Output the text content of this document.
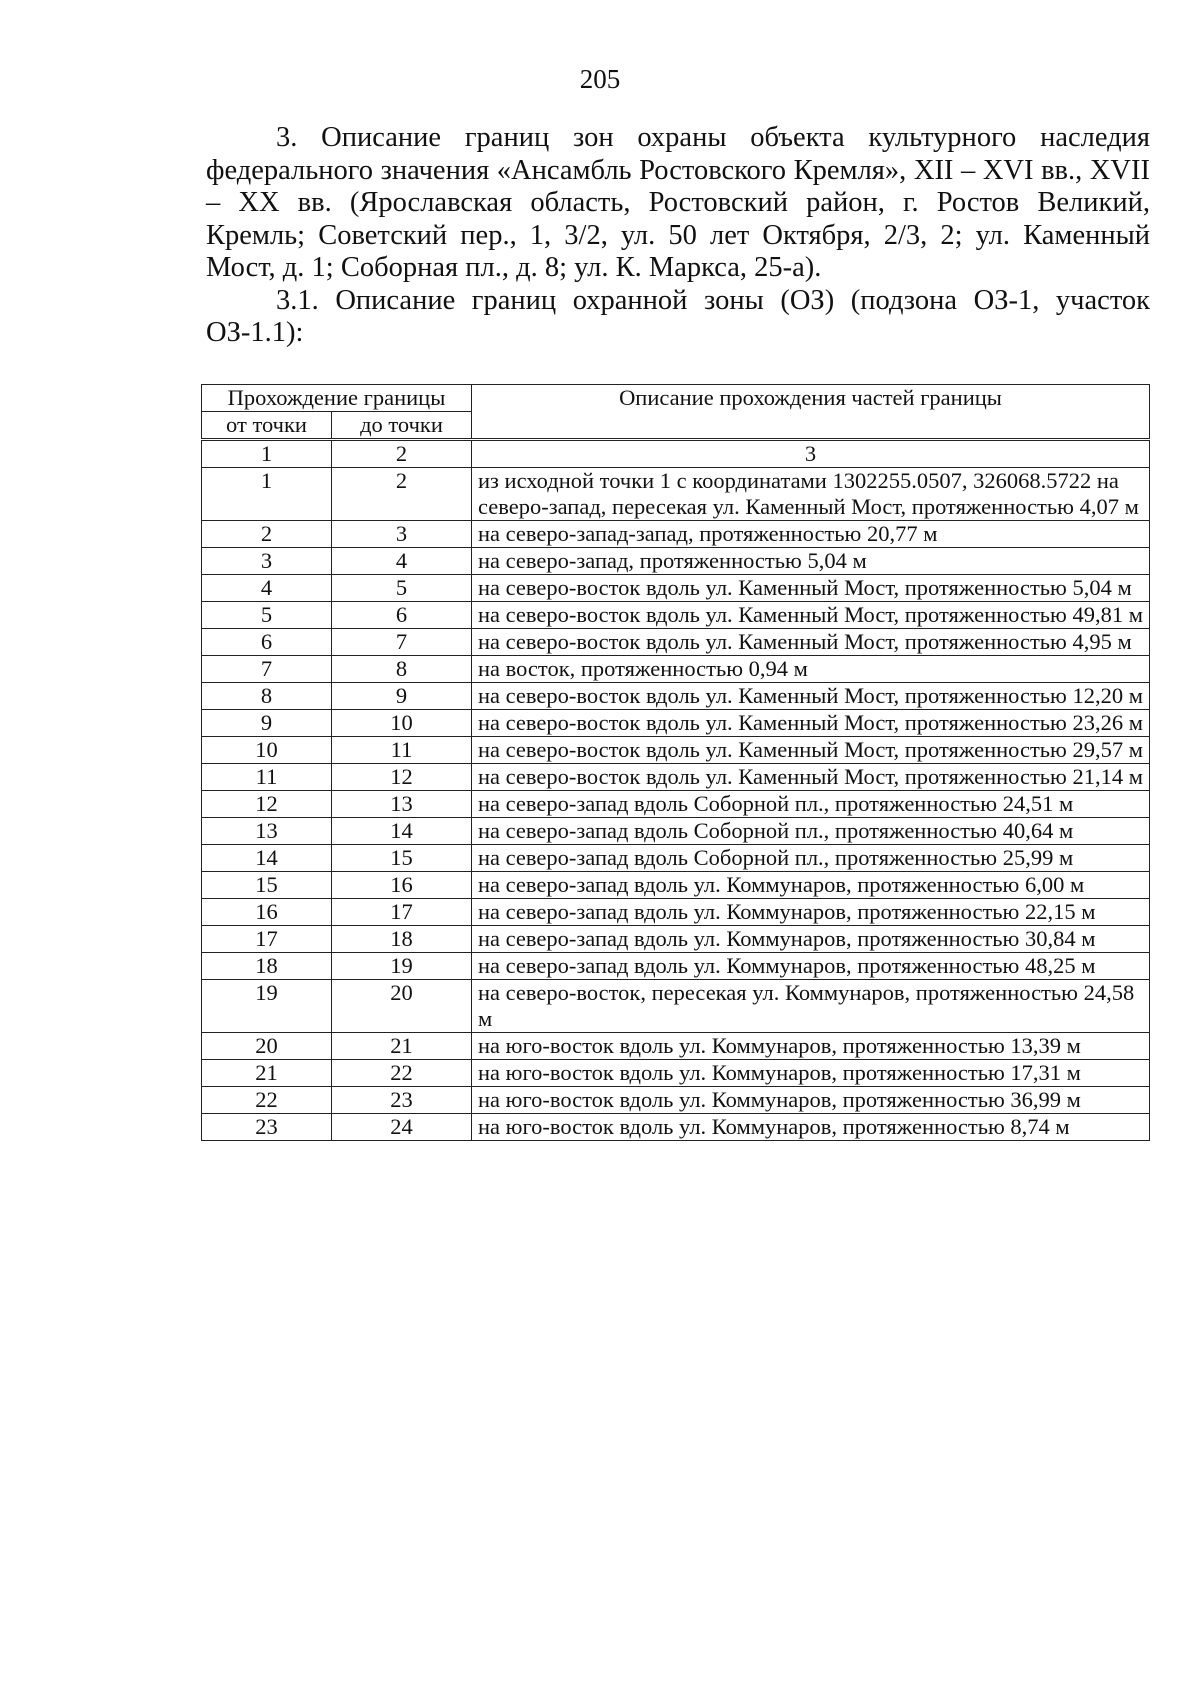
205

3. Описание границ зон охраны объекта культурного наследия федерального значения «Ансамбль Ростовского Кремля», XII – XVI вв., XVII – XX вв. (Ярославская область, Ростовский район, г. Ростов Великий, Кремль; Советский пер., 1, 3/2, ул. 50 лет Октября, 2/3, 2; ул. Каменный Мост, д. 1; Соборная пл., д. 8; ул. К. Маркса, 25-а).

3.1. Описание границ охранной зоны (ОЗ) (подзона ОЗ-1, участок ОЗ-1.1):

Прохождение границы		Описание прохождения частей границы
от точки	до точки	
1	2	3
1	2	из исходной точки 1 с координатами 1302255.0507, 326068.5722 на северо-запад, пересекая ул. Каменный Мост, протяженностью 4,07 м
2	3	на северо-запад-запад, протяженностью 20,77 м
3	4	на северо-запад, протяженностью 5,04 м
4	5	на северо-восток вдоль ул. Каменный Мост, протяженностью 5,04 м
5	6	на северо-восток вдоль ул. Каменный Мост, протяженностью 49,81 м
6	7	на северо-восток вдоль ул. Каменный Мост, протяженностью 4,95 м
7	8	на восток, протяженностью 0,94 м
8	9	на северо-восток вдоль ул. Каменный Мост, протяженностью 12,20 м
9	10	на северо-восток вдоль ул. Каменный Мост, протяженностью 23,26 м
10	11	на северо-восток вдоль ул. Каменный Мост, протяженностью 29,57 м
11	12	на северо-восток вдоль ул. Каменный Мост, протяженностью 21,14 м
12	13	на северо-запад вдоль Соборной пл., протяженностью 24,51 м
13	14	на северо-запад вдоль Соборной пл., протяженностью 40,64 м
14	15	на северо-запад вдоль Соборной пл., протяженностью 25,99 м
15	16	на северо-запад вдоль ул. Коммунаров, протяженностью 6,00 м
16	17	на северо-запад вдоль ул. Коммунаров, протяженностью 22,15 м
17	18	на северо-запад вдоль ул. Коммунаров, протяженностью 30,84 м
18	19	на северо-запад вдоль ул. Коммунаров, протяженностью 48,25 м
19	20	на северо-восток, пересекая ул. Коммунаров, протяженностью 24,58 м
20	21	на юго-восток вдоль ул. Коммунаров, протяженностью 13,39 м
21	22	на юго-восток вдоль ул. Коммунаров, протяженностью 17,31 м
22	23	на юго-восток вдоль ул. Коммунаров, протяженностью 36,99 м
23	24	на юго-восток вдоль ул. Коммунаров, протяженностью 8,74 м
